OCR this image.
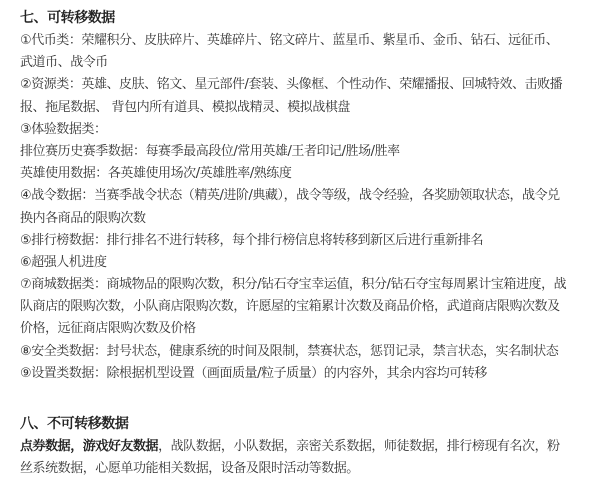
七、可转移数据
①代币类：荣耀积分、皮肤碎片、英雄碎片、铭文碎片、蓝星币、紫星币、金币、钻石、远征币、
武道币、战令币
②资源类：英雄、皮肤、铭文、星元部件/套装、头像框、个性动作、荣耀播报、回城特效、击败播
报、拖尾数据、 背包内所有道具、模拟战精灵、模拟战棋盘
③体验数据类：
排位赛历史赛季数据：每赛季最高段位/常用英雄/王者印记/胜场/胜率
英雄使用数据：各英雄使用场次/英雄胜率/熟练度
④战令数据：当赛季战令状态（精英/进阶/典藏），战令等级，战令经验，各奖励领取状态，战令兑
换内各商品的限购次数
⑤排行榜数据：排行排名不进行转移，每个排行榜信息将转移到新区后进行重新排名
⑥超强人机进度
⑦商城数据类：商城物品的限购次数，积分/钻石夺宝幸运值，积分/钻石夺宝每周累计宝箱进度，战
队商店的限购次数，小队商店限购次数，许愿屋的宝箱累计次数及商品价格，武道商店限购次数及
价格，远征商店限购次数及价格
⑧安全类数据：封号状态，健康系统的时间及限制，禁赛状态，惩罚记录，禁言状态，实名制状态
⑨设置类数据：除根据机型设置（画面质量/粒子质量）的内容外，其余内容均可转移
八、不可转移数据
点券数据，游戏好友数据，战队数据，小队数据，亲密关系数据，师徒数据，排行榜现有名次，粉
丝系统数据，心愿单功能相关数据，设备及限时活动等数据。
